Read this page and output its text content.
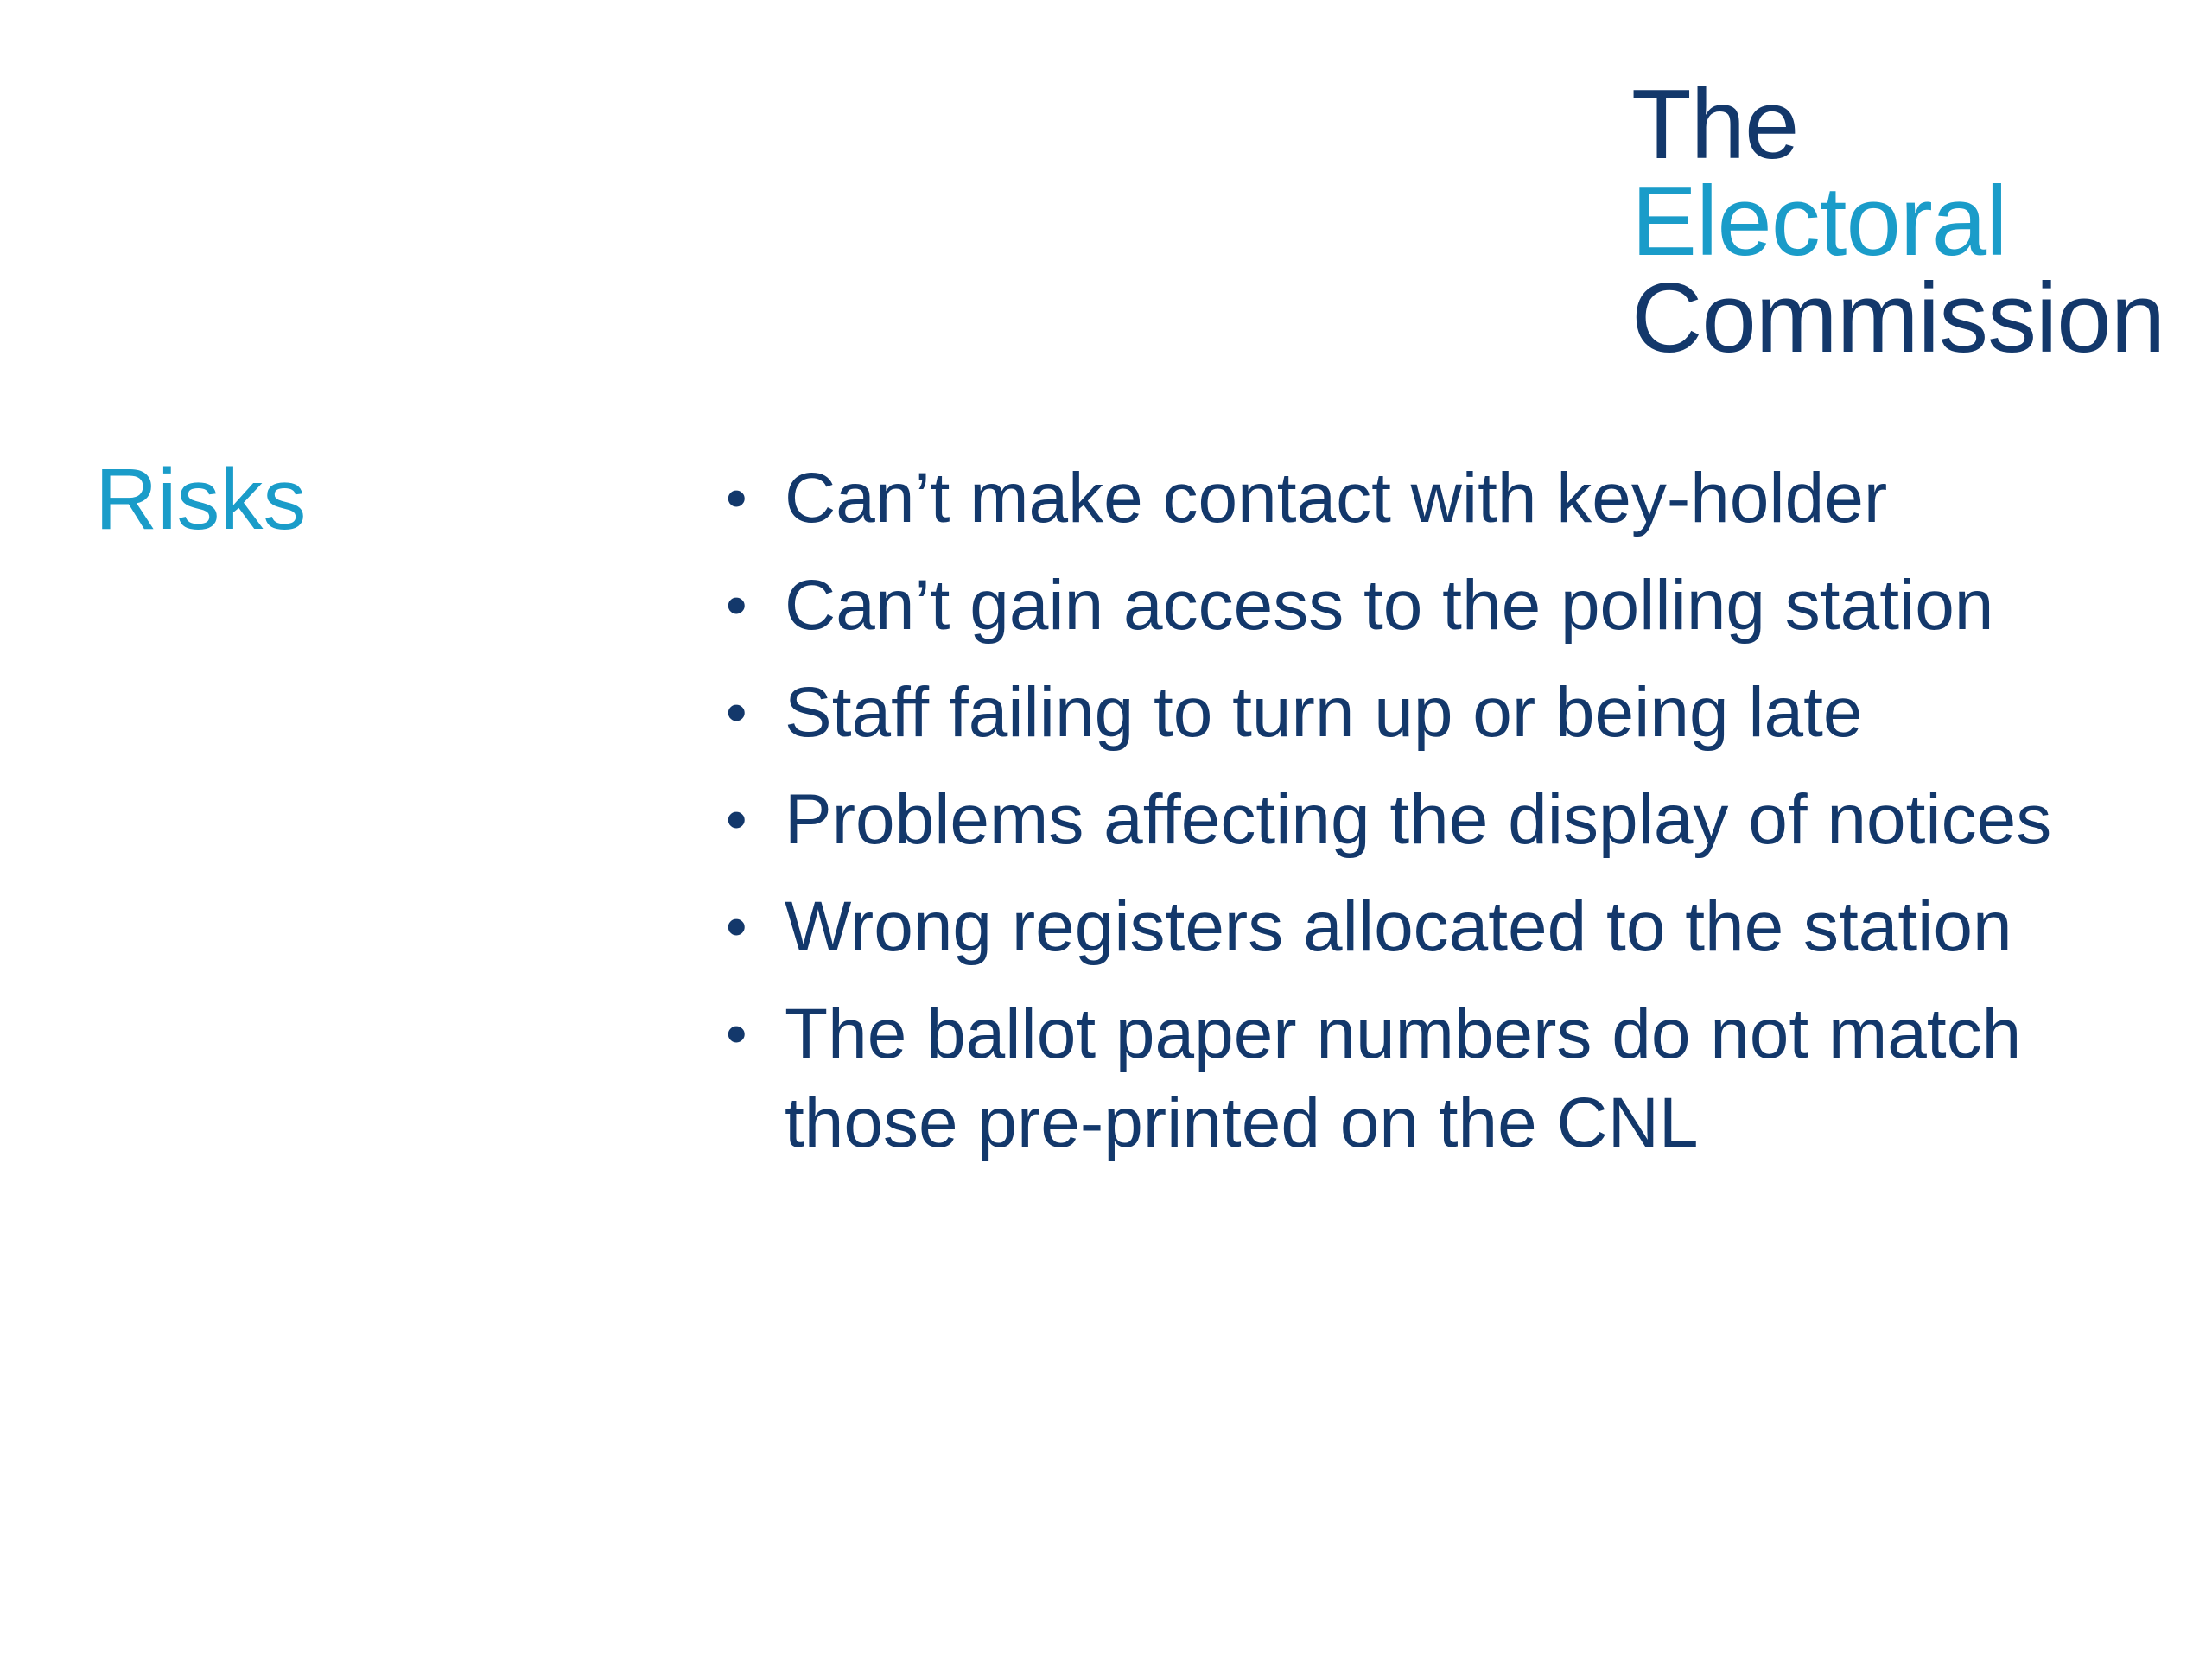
The
Electoral
Commission
Risks	• Can’t make contact with key-holder
• Can’t gain access to the polling station
• Staff failing to turn up or being late
• Problems affecting the display of notices
• Wrong registers allocated to the station
• The ballot paper numbers do not match those pre-printed on the CNL
